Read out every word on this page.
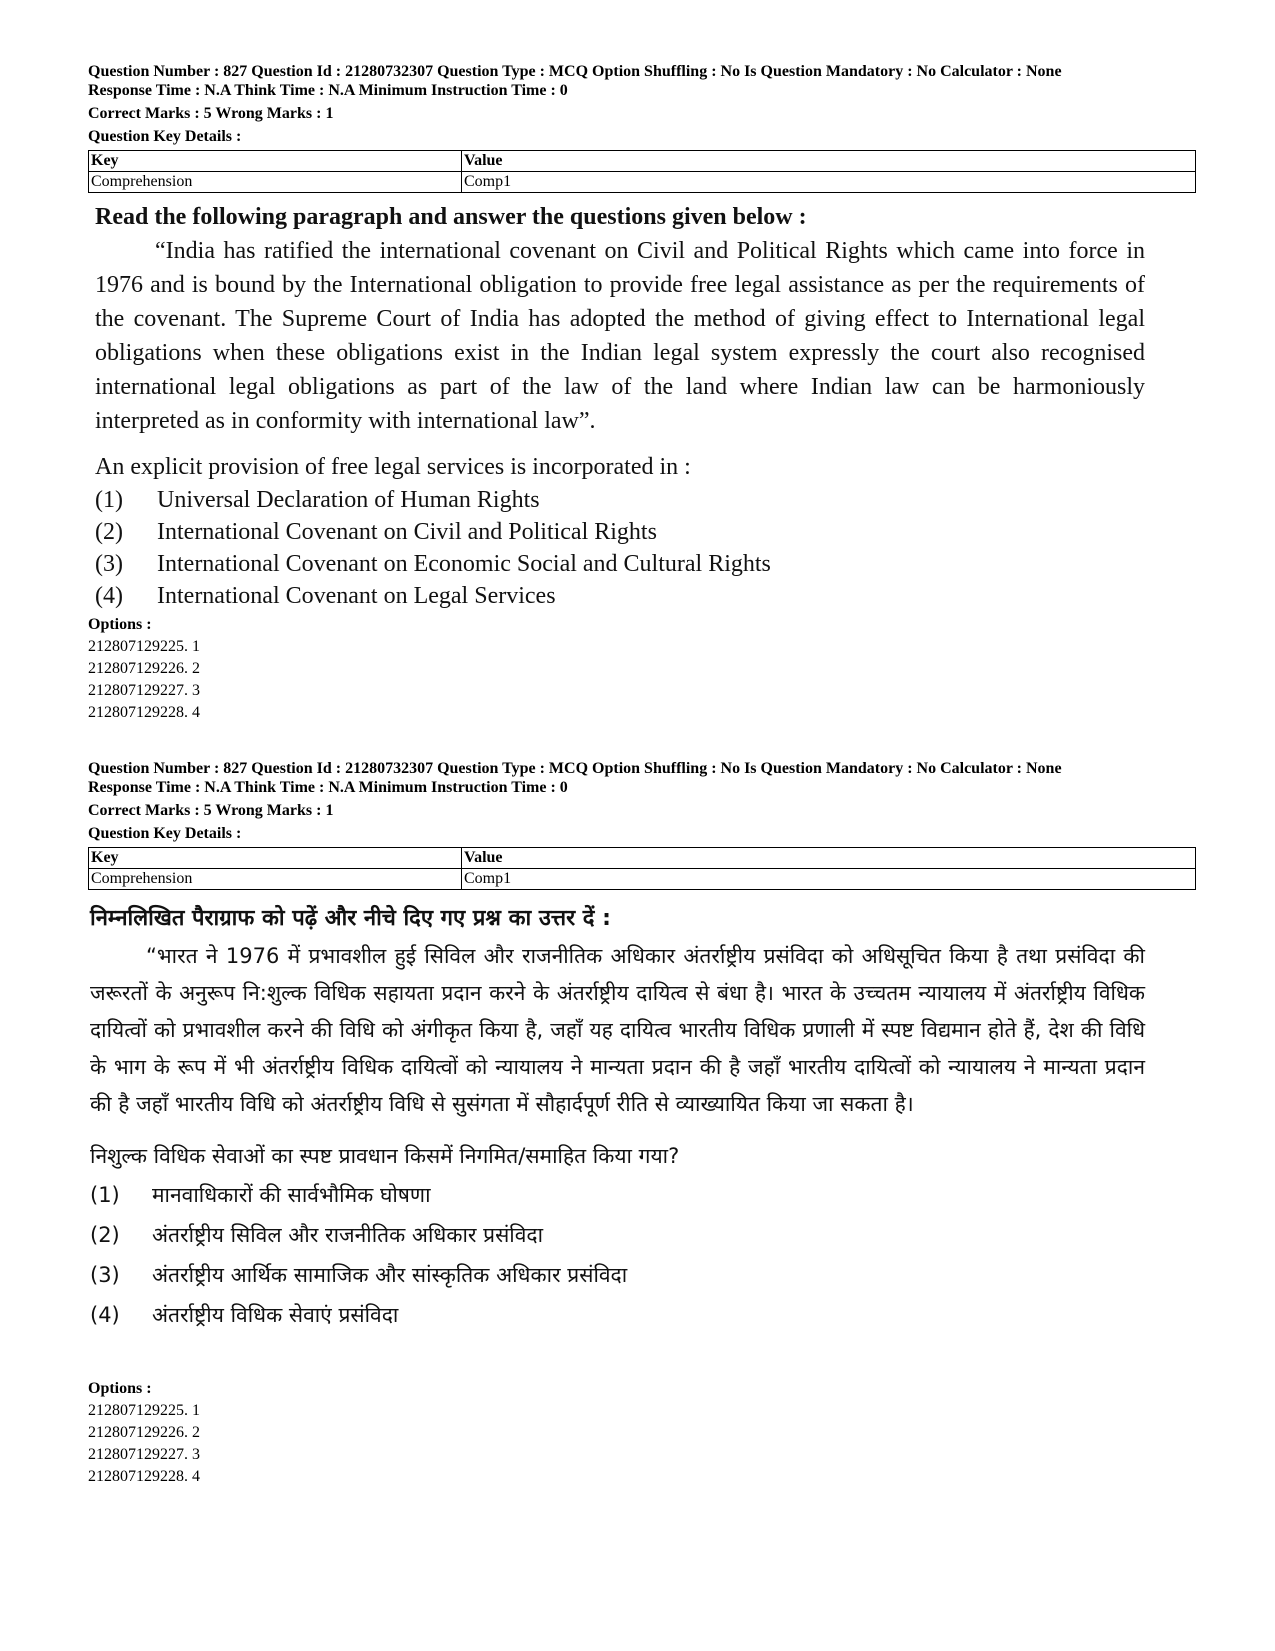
Question Number : 827 Question Id : 21280732307 Question Type : MCQ Option Shuffling : No Is Question Mandatory : No Calculator : None
Response Time : N.A Think Time : N.A Minimum Instruction Time : 0
Correct Marks : 5 Wrong Marks : 1
Question Key Details :
Key	Value
Comprehension	Comp1
Read the following paragraph and answer the questions given below :

“India has ratified the international covenant on Civil and Political Rights which came into force in 1976 and is bound by the International obligation to provide free legal assistance as per the requirements of the covenant. The Supreme Court of India has adopted the method of giving effect to International legal obligations when these obligations exist in the Indian legal system expressly the court also recognised international legal obligations as part of the law of the land where Indian law can be harmoniously interpreted as in conformity with international law”.

An explicit provision of free legal services is incorporated in :
(1)	Universal Declaration of Human Rights
(2)	International Covenant on Civil and Political Rights
(3)	International Covenant on Economic Social and Cultural Rights
(4)	International Covenant on Legal Services
Options :
212807129225. 1
212807129226. 2
212807129227. 3
212807129228. 4
Question Number : 827 Question Id : 21280732307 Question Type : MCQ Option Shuffling : No Is Question Mandatory : No Calculator : None
Response Time : N.A Think Time : N.A Minimum Instruction Time : 0
Correct Marks : 5 Wrong Marks : 1
Question Key Details :
Key	Value
Comprehension	Comp1
निम्नलिखित पैराग्राफ को पढ़ें और नीचे दिए गए प्रश्न का उत्तर दें :

“भारत ने 1976 में प्रभावशील हुई सिविल और राजनीतिक अधिकार अंतर्राष्ट्रीय प्रसंविदा को अधिसूचित किया है तथा प्रसंविदा की जरूरतों के अनुरूप नि:शुल्क विधिक सहायता प्रदान करने के अंतर्राष्ट्रीय दायित्व से बंधा है। भारत के उच्चतम न्यायालय में अंतर्राष्ट्रीय विधिक दायित्वों को प्रभावशील करने की विधि को अंगीकृत किया है, जहाँ यह दायित्व भारतीय विधिक प्रणाली में स्पष्ट विद्यमान होते हैं, देश की विधि के भाग के रूप में भी अंतर्राष्ट्रीय विधिक दायित्वों को न्यायालय ने मान्यता प्रदान की है जहाँ भारतीय दायित्वों को न्यायालय ने मान्यता प्रदान की है जहाँ भारतीय विधि को अंतर्राष्ट्रीय विधि से सुसंगता में सौहार्दपूर्ण रीति से व्याख्यायित किया जा सकता है।

निशुल्क विधिक सेवाओं का स्पष्ट प्रावधान किसमें निगमित/समाहित किया गया?
(1)	मानवाधिकारों की सार्वभौमिक घोषणा
(2)	अंतर्राष्ट्रीय सिविल और राजनीतिक अधिकार प्रसंविदा
(3)	अंतर्राष्ट्रीय आर्थिक सामाजिक और सांस्कृतिक अधिकार प्रसंविदा
(4)	अंतर्राष्ट्रीय विधिक सेवाएं प्रसंविदा
Options :
212807129225. 1
212807129226. 2
212807129227. 3
212807129228. 4
